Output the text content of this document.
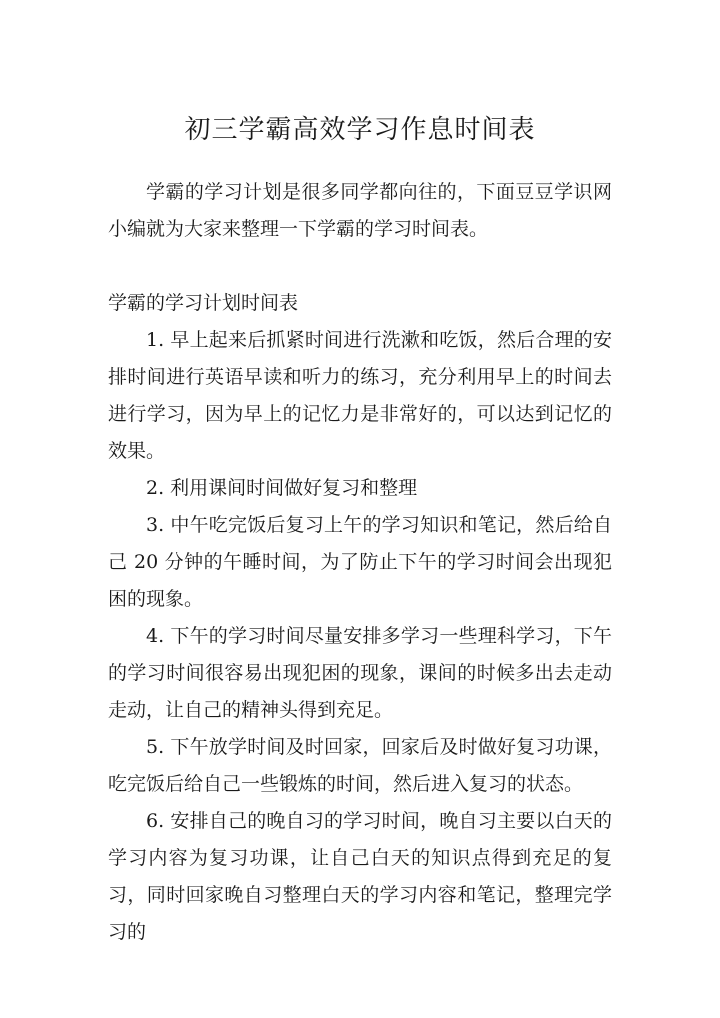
初三学霸高效学习作息时间表

学霸的学习计划是很多同学都向往的，下面豆豆学识网小编就为大家来整理一下学霸的学习时间表。

学霸的学习计划时间表

1. 早上起来后抓紧时间进行洗漱和吃饭，然后合理的安排时间进行英语早读和听力的练习，充分利用早上的时间去进行学习，因为早上的记忆力是非常好的，可以达到记忆的效果。

2. 利用课间时间做好复习和整理

3. 中午吃完饭后复习上午的学习知识和笔记，然后给自己 20 分钟的午睡时间，为了防止下午的学习时间会出现犯困的现象。

4. 下午的学习时间尽量安排多学习一些理科学习，下午的学习时间很容易出现犯困的现象，课间的时候多出去走动走动，让自己的精神头得到充足。

5. 下午放学时间及时回家，回家后及时做好复习功课，吃完饭后给自己一些锻炼的时间，然后进入复习的状态。

6. 安排自己的晚自习的学习时间，晚自习主要以白天的学习内容为复习功课，让自己白天的知识点得到充足的复习，同时回家晚自习整理白天的学习内容和笔记，整理完学习的
